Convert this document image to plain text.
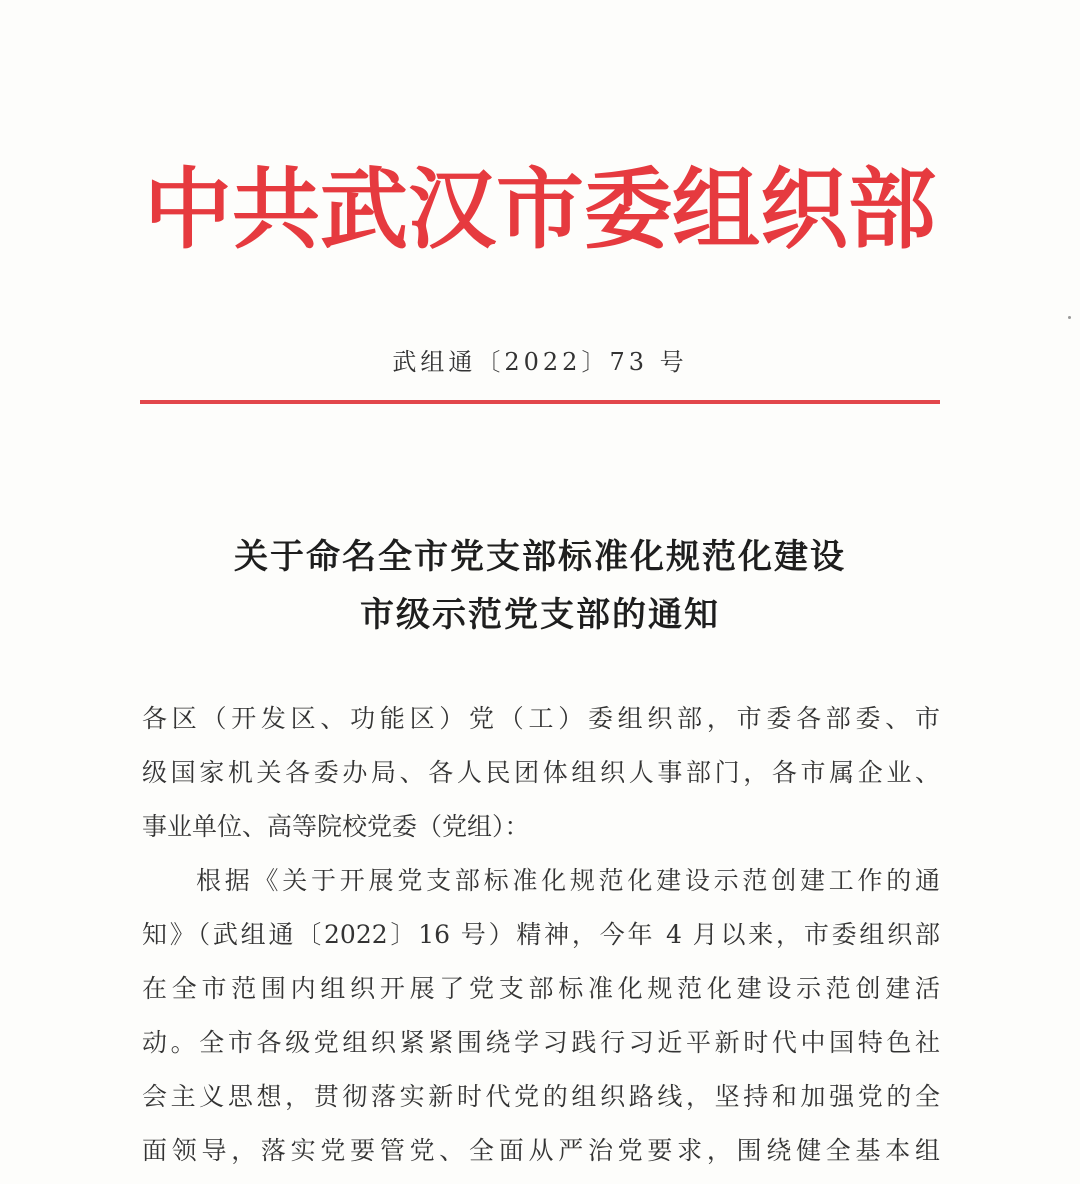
中共武汉市委组织部
武组通〔2022〕73 号
关于命名全市党支部标准化规范化建设
市级示范党支部的通知
各区（开发区、功能区）党（工）委组织部，市委各部委、市
级国家机关各委办局、各人民团体组织人事部门，各市属企业、
事业单位、高等院校党委（党组）：
根据《关于开展党支部标准化规范化建设示范创建工作的通
知》（武组通〔2022〕16 号）精神，今年 4 月以来，市委组织部
在全市范围内组织开展了党支部标准化规范化建设示范创建活
动。全市各级党组织紧紧围绕学习践行习近平新时代中国特色社
会主义思想，贯彻落实新时代党的组织路线，坚持和加强党的全
面领导，落实党要管党、全面从严治党要求，围绕健全基本组
